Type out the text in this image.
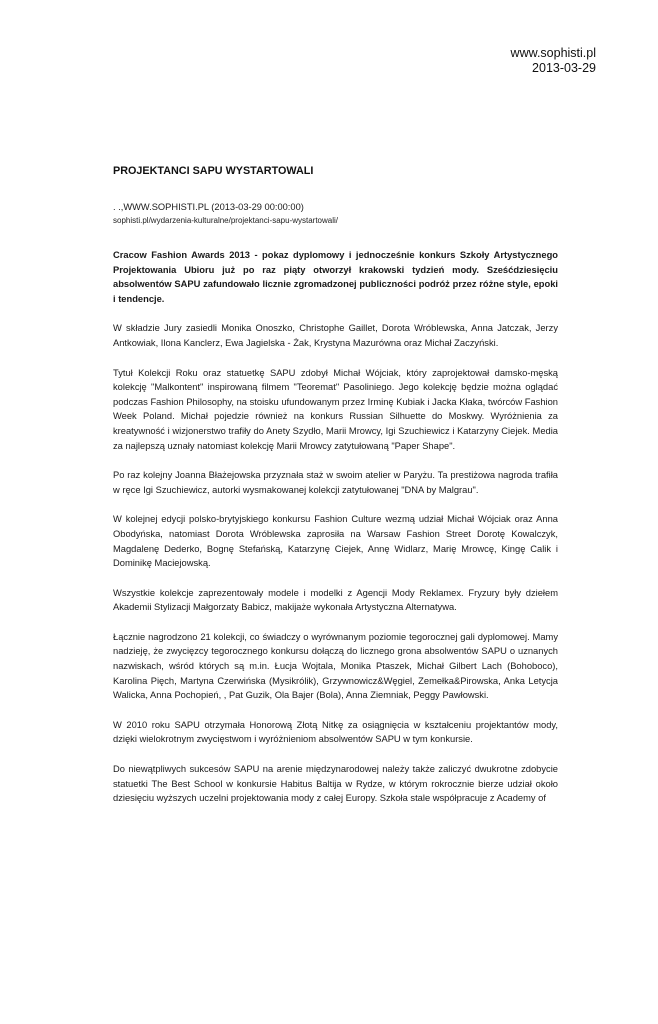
www.sophisti.pl
2013-03-29
PROJEKTANCI SAPU WYSTARTOWALI

. .,WWW.SOPHISTI.PL (2013-03-29 00:00:00)

sophisti.pl/wydarzenia-kulturalne/projektanci-sapu-wystartowali/

Cracow Fashion Awards 2013 - pokaz dyplomowy i jednocześnie konkurs Szkoły Artystycznego Projektowania Ubioru już po raz piąty otworzył krakowski tydzień mody. Sześćdziesięciu absolwentów SAPU zafundowało licznie zgromadzonej publiczności podróż przez różne style, epoki i tendencje.

W składzie Jury zasiedli Monika Onoszko, Christophe Gaillet, Dorota Wróblewska, Anna Jatczak, Jerzy Antkowiak, Ilona Kanclerz, Ewa Jagielska - Żak, Krystyna Mazurówna oraz Michał Zaczyński.

Tytuł Kolekcji Roku oraz statuetkę SAPU zdobył Michał Wójciak, który zaprojektował damsko-męską kolekcję "Malkontent" inspirowaną filmem "Teoremat" Pasoliniego. Jego kolekcję będzie można oglądać podczas Fashion Philosophy, na stoisku ufundowanym przez Irminę Kubiak i Jacka Kłaka, twórców Fashion Week Poland. Michał pojedzie również na konkurs Russian Silhuette do Moskwy. Wyróżnienia za kreatywność i wizjonerstwo trafiły do Anety Szydło, Marii Mrowcy, Igi Szuchiewicz i Katarzyny Ciejek. Media za najlepszą uznały natomiast kolekcję Marii Mrowcy zatytułowaną "Paper Shape".

Po raz kolejny Joanna Błażejowska przyznała staż w swoim atelier w Paryżu. Ta prestiżowa nagroda trafiła w ręce Igi Szuchiewicz, autorki wysmakowanej kolekcji zatytułowanej "DNA by Malgrau".

W kolejnej edycji polsko-brytyjskiego konkursu Fashion Culture wezmą udział Michał Wójciak oraz Anna Obodyńska, natomiast Dorota Wróblewska zaprosiła na Warsaw Fashion Street Dorotę Kowalczyk, Magdalenę Dederko, Bognę Stefańską, Katarzynę Ciejek, Annę Widlarz, Marię Mrowcę, Kingę Calik i Dominikę Maciejowską.

Wszystkie kolekcje zaprezentowały modele i modelki z Agencji Mody Reklamex. Fryzury były dziełem Akademii Stylizacji Małgorzaty Babicz, makijaże wykonała Artystyczna Alternatywa.

Łącznie nagrodzono 21 kolekcji, co świadczy o wyrównanym poziomie tegorocznej gali dyplomowej. Mamy nadzieję, że zwycięzcy tegorocznego konkursu dołączą do licznego grona absolwentów SAPU o uznanych nazwiskach, wśród których są m.in. Łucja Wojtala, Monika Ptaszek, Michał Gilbert Lach (Bohoboco), Karolina Pięch, Martyna Czerwińska (Mysikrólik), Grzywnowicz&Węgiel, Zemełka&Pirowska, Anka Letycja Walicka, Anna Pochopień, , Pat Guzik, Ola Bajer (Bola), Anna Ziemniak, Peggy Pawłowski.

W 2010 roku SAPU otrzymała Honorową Złotą Nitkę za osiągnięcia w kształceniu projektantów mody, dzięki wielokrotnym zwycięstwom i wyróżnieniom absolwentów SAPU w tym konkursie.

Do niewątpliwych sukcesów SAPU na arenie międzynarodowej należy także zaliczyć dwukrotne zdobycie statuetki The Best School w konkursie Habitus Baltija w Rydze, w którym rokrocznie bierze udział około dziesięciu wyższych uczelni projektowania mody z całej Europy. Szkoła stale współpracuje z Academy of
